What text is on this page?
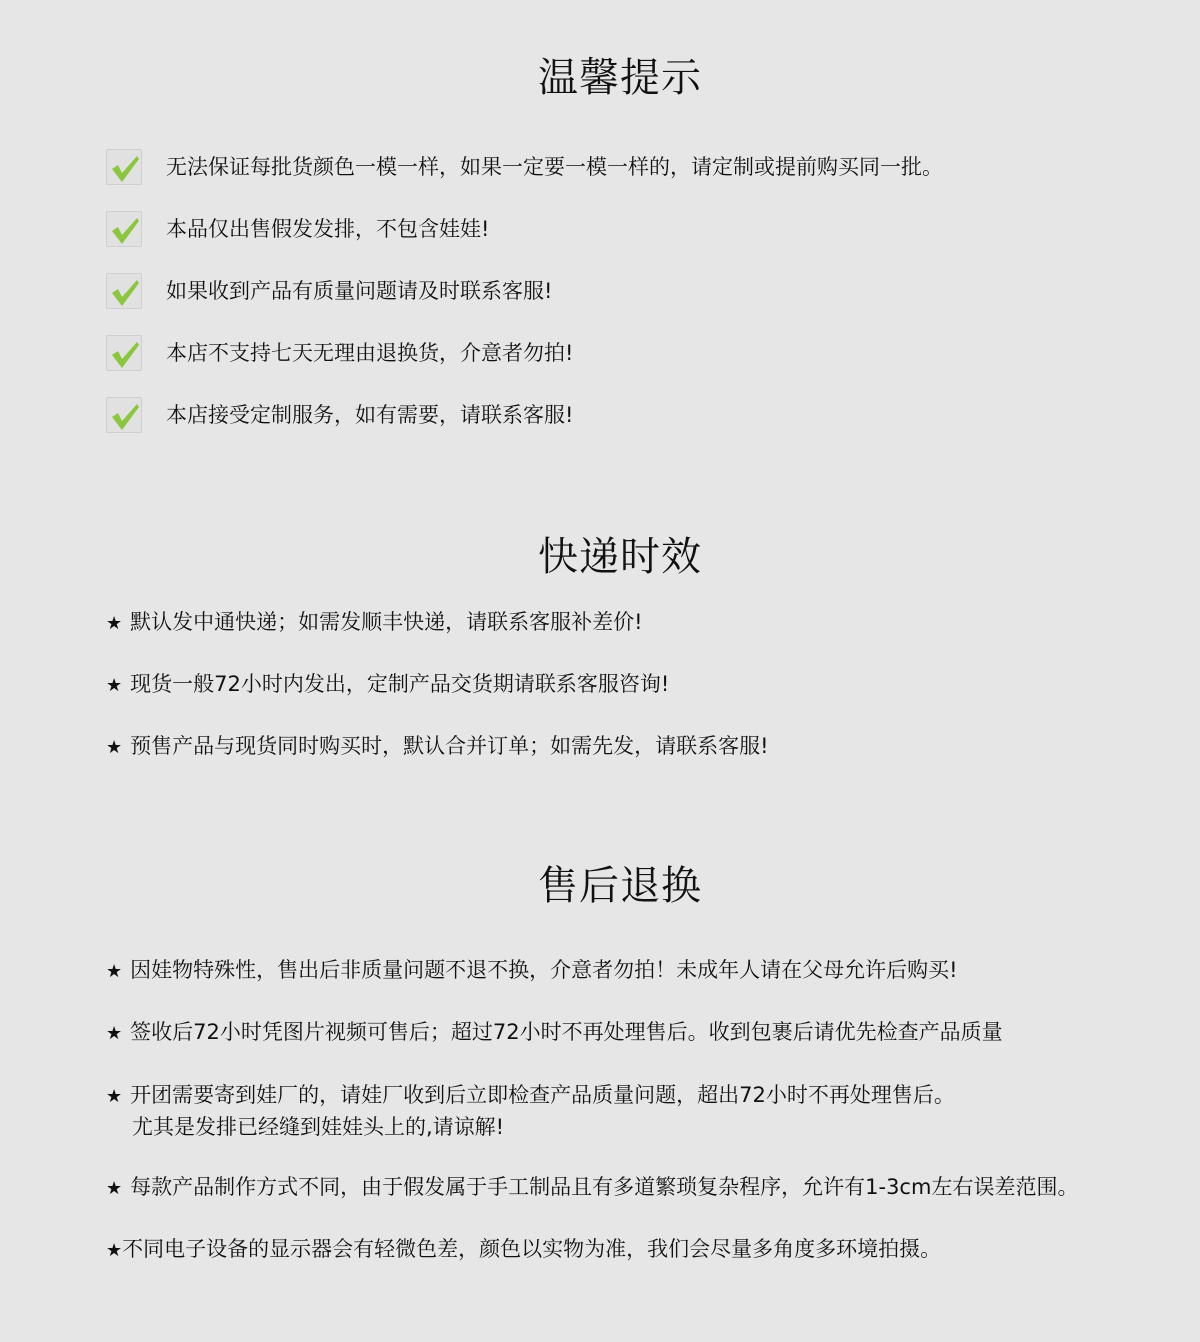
温馨提示
无法保证每批货颜色一模一样，如果一定要一模一样的，请定制或提前购买同一批。
本品仅出售假发发排，不包含娃娃!
如果收到产品有质量问题请及时联系客服!
本店不支持七天无理由退换货，介意者勿拍!
本店接受定制服务，如有需要，请联系客服!
快递时效
★ 默认发中通快递；如需发顺丰快递，请联系客服补差价!
★ 现货一般72小时内发出，定制产品交货期请联系客服咨询!
★ 预售产品与现货同时购买时，默认合并订单；如需先发，请联系客服!
售后退换
★ 因娃物特殊性，售出后非质量问题不退不换，介意者勿拍！未成年人请在父母允许后购买!
★ 签收后72小时凭图片视频可售后；超过72小时不再处理售后。收到包裹后请优先检查产品质量
★ 开团需要寄到娃厂的，请娃厂收到后立即检查产品质量问题，超出72小时不再处理售后。
尤其是发排已经缝到娃娃头上的,请谅解!
★ 每款产品制作方式不同，由于假发属于手工制品且有多道繁琐复杂程序，允许有1-3cm左右误差范围。
★不同电子设备的显示器会有轻微色差，颜色以实物为准，我们会尽量多角度多环境拍摄。
